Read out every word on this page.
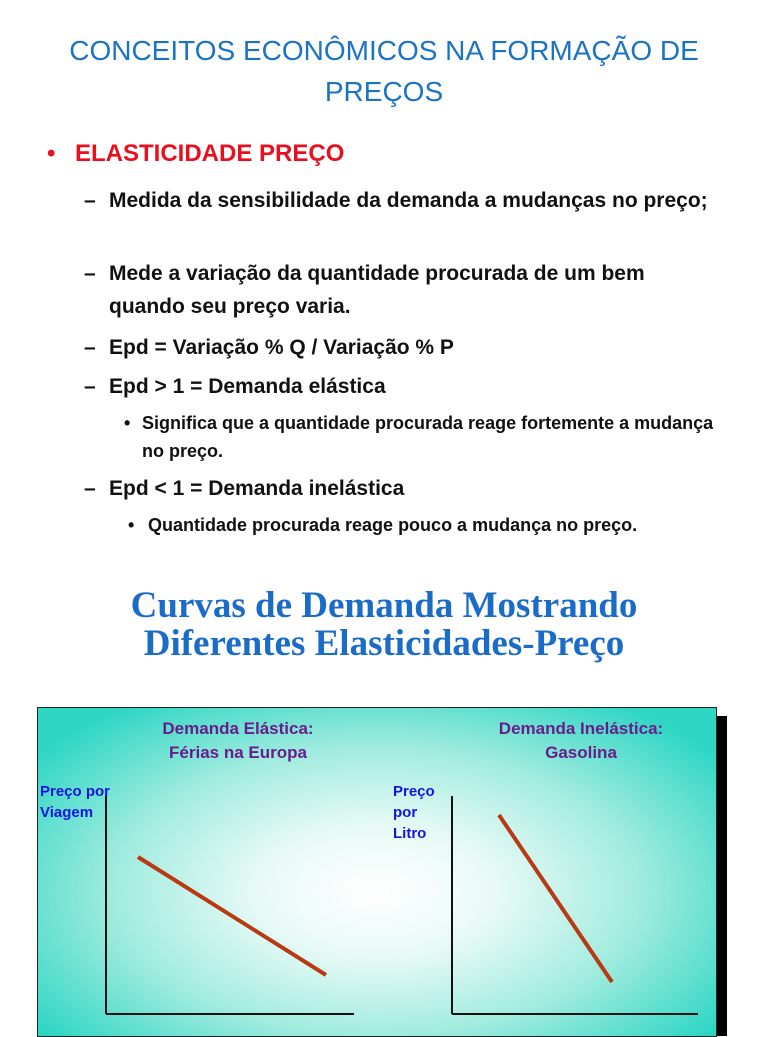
CONCEITOS ECONÔMICOS NA FORMAÇÃO DE
PREÇOS
• ELASTICIDADE PREÇO
– Medida da sensibilidade da demanda a mudanças no preço;
– Mede a variação da quantidade procurada de um bem quando seu preço varia.
– Epd = Variação % Q / Variação % P
– Epd > 1 = Demanda elástica
• Significa que a quantidade procurada reage fortemente a mudança no preço.
– Epd < 1 = Demanda inelástica
• Quantidade procurada reage pouco a mudança no preço.
Curvas de Demanda Mostrando
Diferentes Elasticidades-Preço
Demanda Elástica:
Férias na Europa
Preço por
Viagem
Demanda Inelástica:
Gasolina
Preço
por
Litro
